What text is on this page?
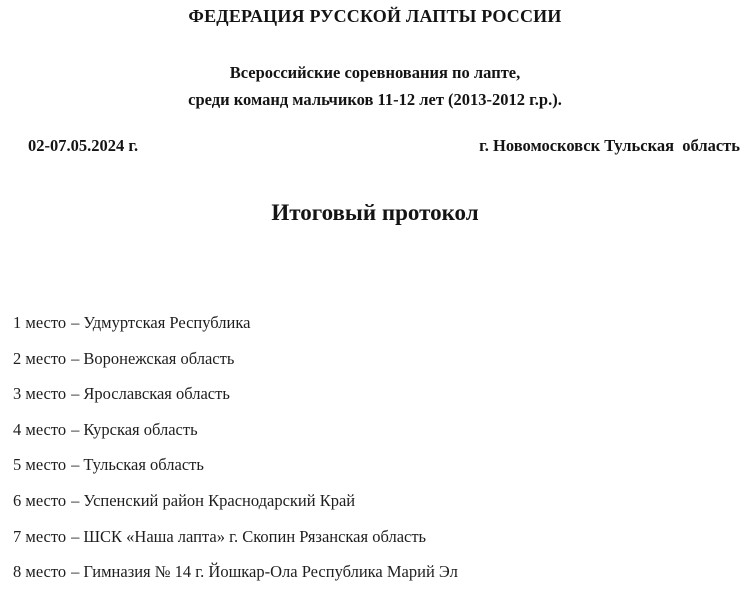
ФЕДЕРАЦИЯ РУССКОЙ ЛАПТЫ РОССИИ
Всероссийские соревнования по лапте,
среди команд мальчиков 11-12 лет (2013-2012 г.р.).
02-07.05.2024 г.	г. Новомосковск Тульская  область
Итоговый протокол
1 место – Удмуртская Республика
2 место – Воронежская область
3 место – Ярославская область
4 место – Курская область
5 место – Тульская область
6 место – Успенский район Краснодарский Край
7 место – ШСК «Наша лапта» г. Скопин Рязанская область
8 место – Гимназия № 14 г. Йошкар-Ола Республика Марий Эл
